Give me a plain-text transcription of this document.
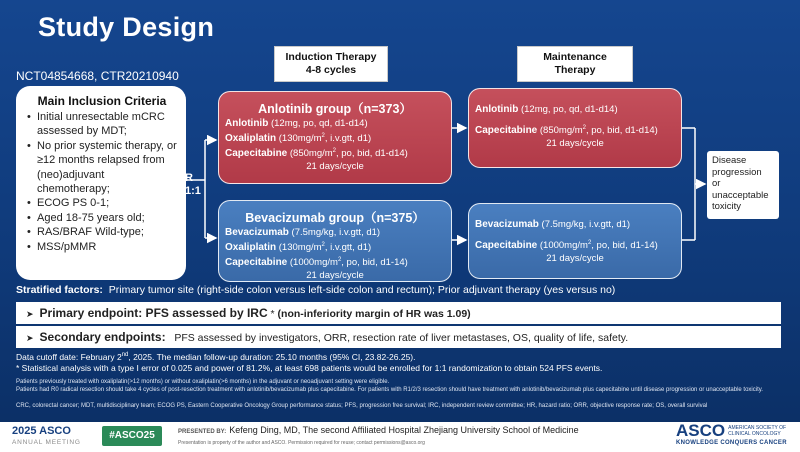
Study Design
Induction Therapy
4-8 cycles
Maintenance
Therapy
NCT04854668, CTR20210940
Main Inclusion Criteria
• Initial unresectable mCRC assessed by MDT;
• No prior systemic therapy, or ≥12 months relapsed from (neo)adjuvant chemotherapy;
• ECOG PS 0-1;
• Aged 18-75 years old;
• RAS/BRAF Wild-type;
• MSS/pMMR
R
1:1
Anlotinib group（n=373）
Anlotinib (12mg, po, qd, d1-d14)
Oxaliplatin ($130mg/m^2$, i.v.gtt, d1)
Capecitabine ($850mg/m^2$, po, bid, d1-d14)
21 days/cycle
Bevacizumab group（n=375）
Bevacizumab (7.5mg/kg, i.v.gtt, d1)
Oxaliplatin ($130mg/m^2$, i.v.gtt, d1)
Capecitabine ($1000mg/m^2$, po, bid, d1-14)
21 days/cycle
Anlotinib (12mg, po, qd, d1-d14)
Capecitabine ($850mg/m^2$, po, bid, d1-d14)
21 days/cycle
Bevacizumab (7.5mg/kg, i.v.gtt, d1)
Capecitabine ($1000mg/m^2$, po, bid, d1-14)
21 days/cycle
Disease progression
or
unacceptable toxicity
Stratified factors: Primary tumor site (right-side colon versus left-side colon and rectum); Prior adjuvant therapy (yes versus no)
➤ Primary endpoint: PFS assessed by IRC * (non-inferiority margin of HR was 1.09)
➤ Secondary endpoints: PFS assessed by investigators, ORR, resection rate of liver metastases, OS, quality of life, safety.
Data cutoff date: February 2nd, 2025. The median follow-up duration: 25.10 months (95% CI, 23.82-26.25).
* Statistical analysis with a type I error of 0.025 and power of 81.2%, at least 698 patients would be enrolled for 1:1 randomization to obtain 524 PFS events.
Patients previously treated with oxaliplatin(>12 months) or without oxaliplatin(>6 months) in the adjuvant or neoadjuvant setting were eligible.
Patients had R0 radical resection should take 4 cycles of post-resection treatment with anlotinib/bevacizumab plus capecitabine. For patients with R1/2/3 resection should have treatment with anlotinib/bevacizumab plus capecitabine until disease progression or unacceptable toxicity.
CRC, colorectal cancer; MDT, multidisciplinary team; ECOG PS, Eastern Cooperative Oncology Group performance status; PFS, progression free survival; IRC, independent review committee; HR, hazard ratio; ORR, objective response rate; OS, overall survival
2025 ASCO
ANNUAL MEETING
#ASCO25	PRESENTED BY: Kefeng Ding, MD, The second Affiliated Hospital Zhejiang University School of Medicine
Presentation is property of the author and ASCO. Permission required for reuse; contact permissions@asco.org
ASCO AMERICAN SOCIETY OF CLINICAL ONCOLOGY
KNOWLEDGE CONQUERS CANCER
